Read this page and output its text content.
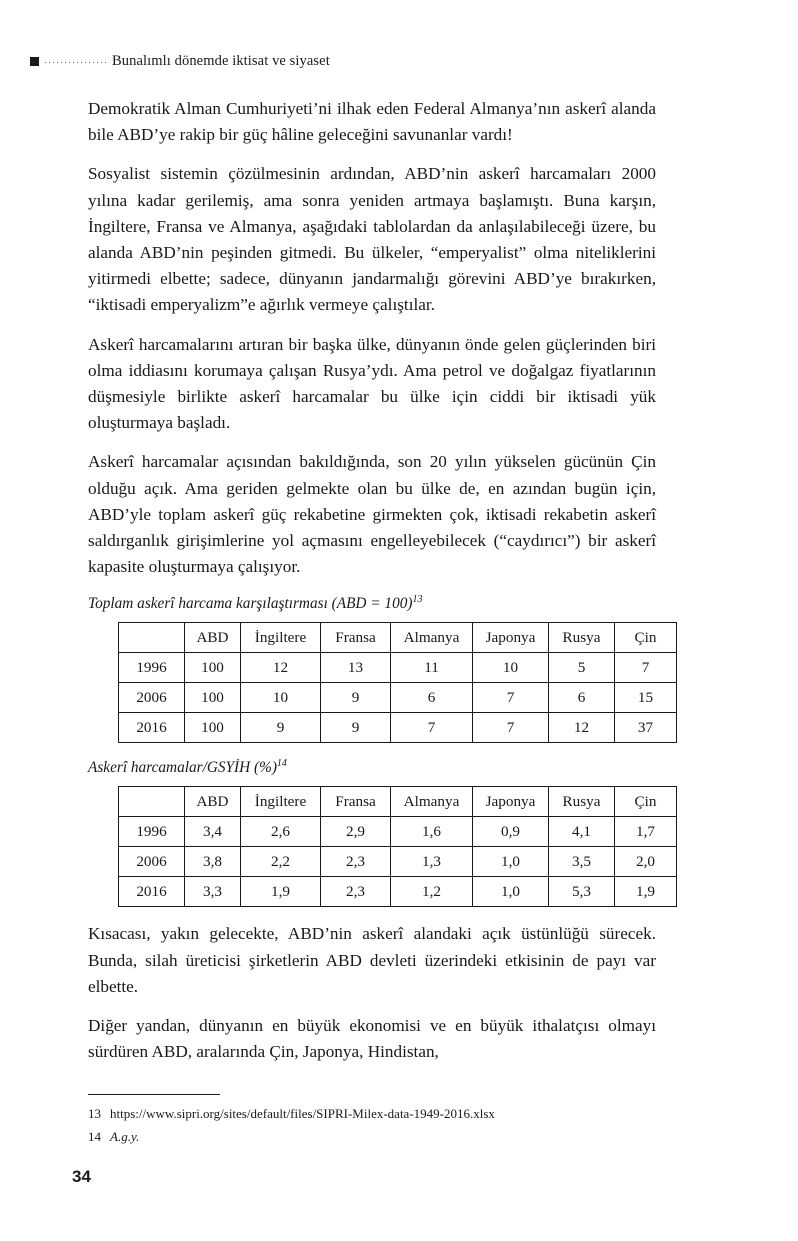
Bunalımlı dönemde iktisat ve siyaset

Demokratik Alman Cumhuriyeti’ni ilhak eden Federal Almanya’nın askerî alanda bile ABD’ye rakip bir güç hâline geleceğini savunanlar vardı!

Sosyalist sistemin çözülmesinin ardından, ABD’nin askerî harcamaları 2000 yılına kadar gerilemiş, ama sonra yeniden artmaya başlamıştı. Buna karşın, İngiltere, Fransa ve Almanya, aşağıdaki tablolardan da anlaşılabileceği üzere, bu alanda ABD’nin peşinden gitmedi. Bu ülkeler, “emperyalist” olma niteliklerini yitirmedi elbette; sadece, dünyanın jandarmalığı görevini ABD’ye bırakırken, “iktisadi emperyalizm”e ağırlık vermeye çalıştılar.

Askerî harcamalarını artıran bir başka ülke, dünyanın önde gelen güçlerinden biri olma iddiasını korumaya çalışan Rusya’ydı. Ama petrol ve doğalgaz fiyatlarının düşmesiyle birlikte askerî harcamalar bu ülke için ciddi bir iktisadi yük oluşturmaya başladı.

Askerî harcamalar açısından bakıldığında, son 20 yılın yükselen gücünün Çin olduğu açık. Ama geriden gelmekte olan bu ülke de, en azından bugün için, ABD’yle toplam askerî güç rekabetine girmekten çok, iktisadi rekabetin askerî saldırganlık girişimlerine yol açmasını engelleyebilecek (“caydırıcı”) bir askerî kapasite oluşturmaya çalışıyor.

Toplam askerî harcama karşılaştırması (ABD = 100)$^{13}$
	ABD	İngiltere	Fransa	Almanya	Japonya	Rusya	Çin
1996	100	12	13	11	10	5	7
2006	100	10	9	6	7	6	15
2016	100	9	9	7	7	12	37
Askerî harcamalar/GSYİH (%)$^{14}$
	ABD	İngiltere	Fransa	Almanya	Japonya	Rusya	Çin
1996	3,4	2,6	2,9	1,6	0,9	4,1	1,7
2006	3,8	2,2	2,3	1,3	1,0	3,5	2,0
2016	3,3	1,9	2,3	1,2	1,0	5,3	1,9

Kısacası, yakın gelecekte, ABD’nin askerî alandaki açık üstünlüğü sürecek. Bunda, silah üreticisi şirketlerin ABD devleti üzerindeki etkisinin de payı var elbette.

Diğer yandan, dünyanın en büyük ekonomisi ve en büyük ithalatçısı olmayı sürdüren ABD, aralarında Çin, Japonya, Hindistan,

13 https://www.sipri.org/sites/default/files/SIPRI-Milex-data-1949-2016.xlsx
14 A.g.y.
34
